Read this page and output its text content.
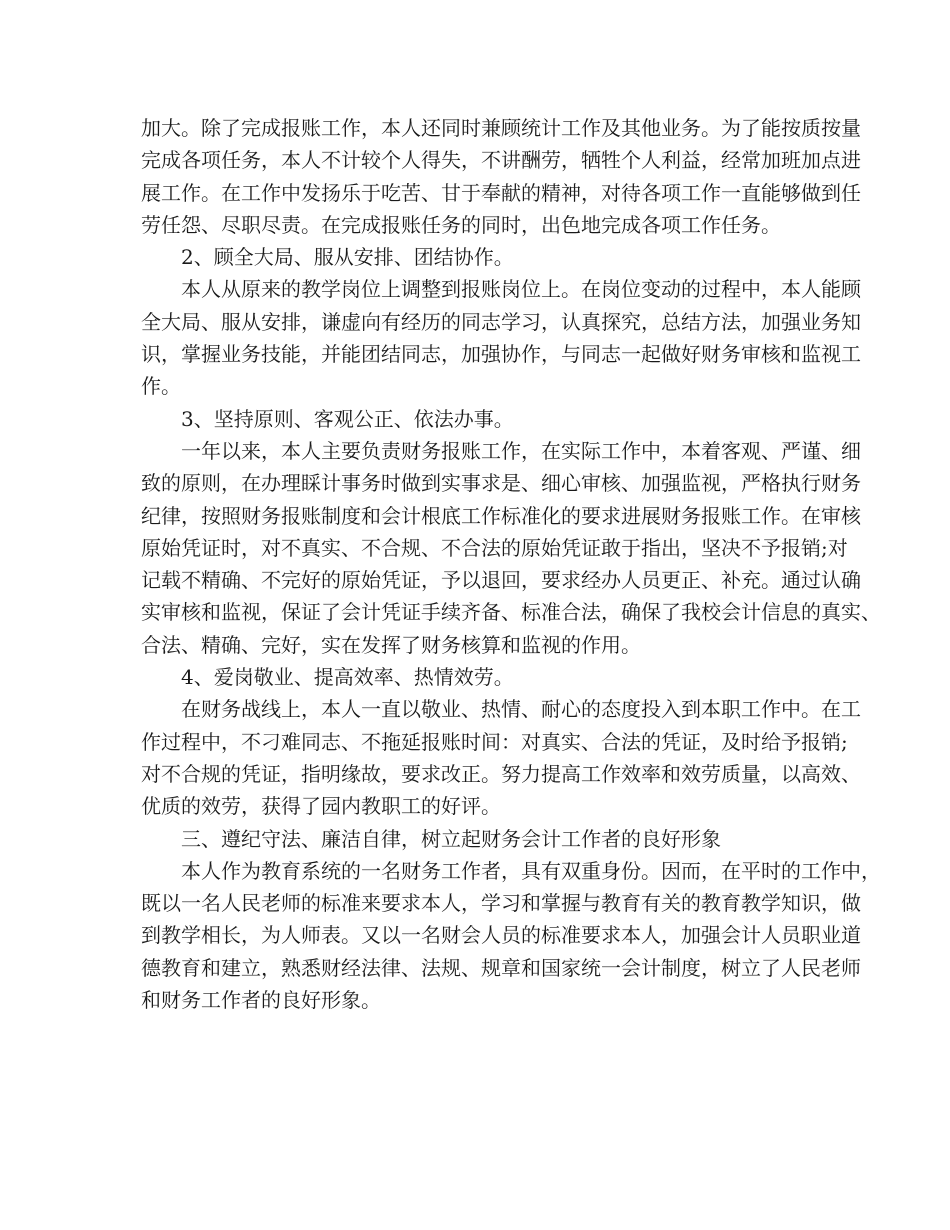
加大。除了完成报账工作，本人还同时兼顾统计工作及其他业务。为了能按质按量
完成各项任务，本人不计较个人得失，不讲酬劳，牺牲个人利益，经常加班加点进
展工作。在工作中发扬乐于吃苦、甘于奉献的精神，对待各项工作一直能够做到任
劳任怨、尽职尽责。在完成报账任务的同时，出色地完成各项工作任务。
2、顾全大局、服从安排、团结协作。
本人从原来的教学岗位上调整到报账岗位上。在岗位变动的过程中，本人能顾
全大局、服从安排，谦虚向有经历的同志学习，认真探究，总结方法，加强业务知
识，掌握业务技能，并能团结同志，加强协作，与同志一起做好财务审核和监视工
作。
3、坚持原则、客观公正、依法办事。
一年以来，本人主要负责财务报账工作，在实际工作中，本着客观、严谨、细
致的原则，在办理睬计事务时做到实事求是、细心审核、加强监视，严格执行财务
纪律，按照财务报账制度和会计根底工作标准化的要求进展财务报账工作。在审核
原始凭证时，对不真实、不合规、不合法的原始凭证敢于指出，坚决不予报销;对
记载不精确、不完好的原始凭证，予以退回，要求经办人员更正、补充。通过认确
实审核和监视，保证了会计凭证手续齐备、标准合法，确保了我校会计信息的真实、
合法、精确、完好，实在发挥了财务核算和监视的作用。
4、爱岗敬业、提高效率、热情效劳。
在财务战线上，本人一直以敬业、热情、耐心的态度投入到本职工作中。在工
作过程中，不刁难同志、不拖延报账时间：对真实、合法的凭证，及时给予报销;
对不合规的凭证，指明缘故，要求改正。努力提高工作效率和效劳质量，以高效、
优质的效劳，获得了园内教职工的好评。
三、遵纪守法、廉洁自律，树立起财务会计工作者的良好形象
本人作为教育系统的一名财务工作者，具有双重身份。因而，在平时的工作中，
既以一名人民老师的标准来要求本人，学习和掌握与教育有关的教育教学知识，做
到教学相长，为人师表。又以一名财会人员的标准要求本人，加强会计人员职业道
德教育和建立，熟悉财经法律、法规、规章和国家统一会计制度，树立了人民老师
和财务工作者的良好形象。
